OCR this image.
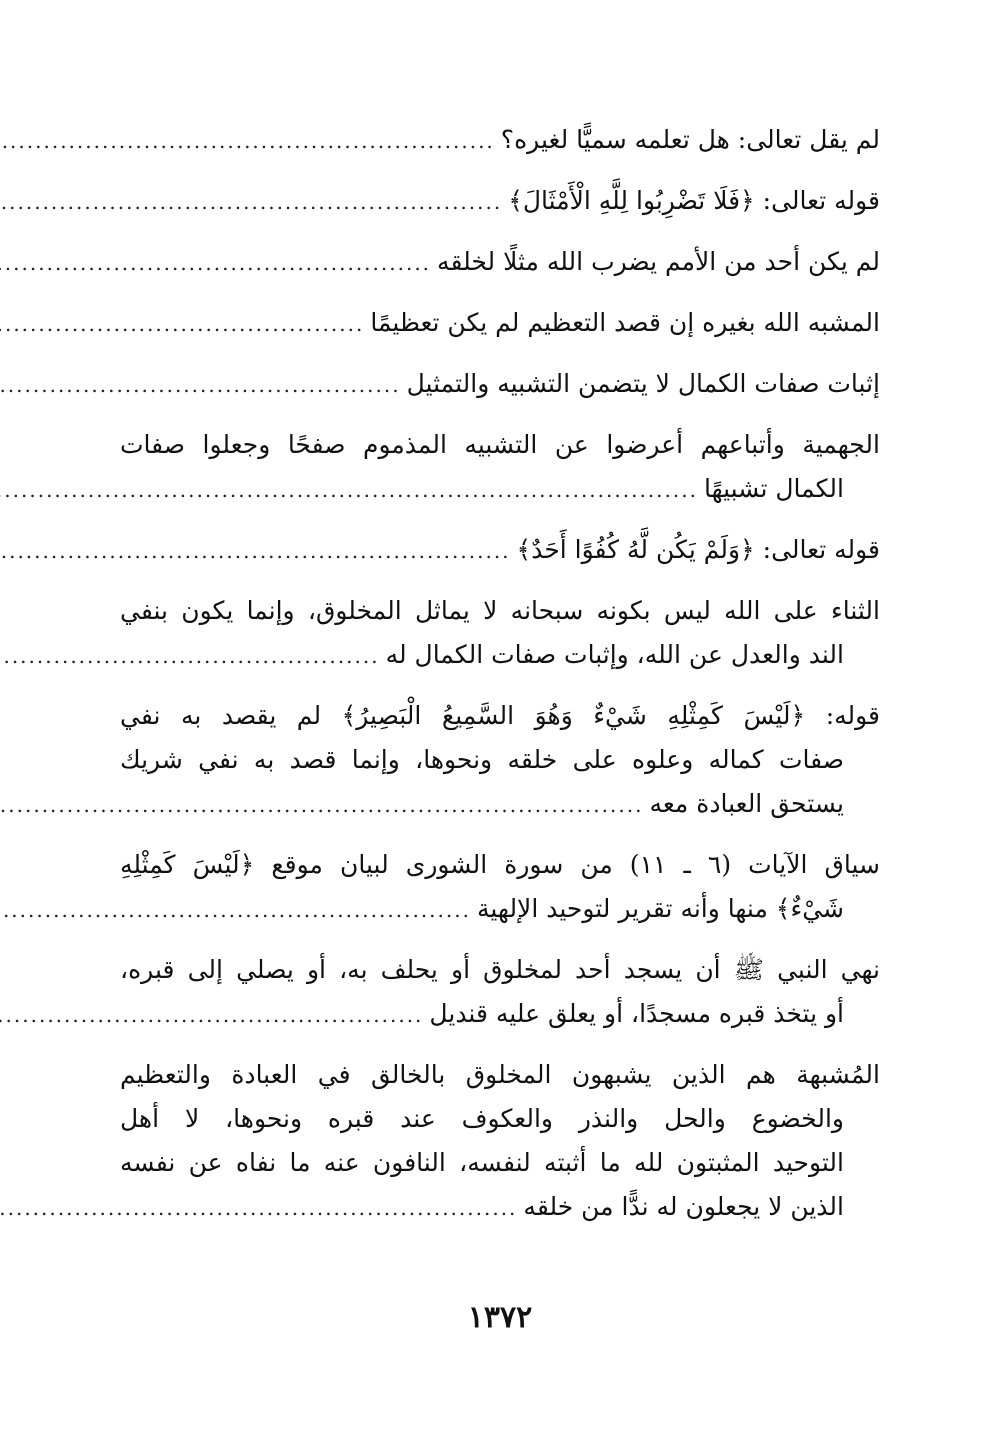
لم يقل تعالى: هل تعلمه سميًّا لغيره؟
.....
قوله تعالى: ﴿فَلَا تَضْرِبُوا لِلَّهِ الْأَمْثَالَ﴾
.....
لم يكن أحد من الأمم يضرب الله مثلًا لخلقه
.....
المشبه الله بغيره إن قصد التعظيم لم يكن تعظيمًا
.....
إثبات صفات الكمال لا يتضمن التشبيه والتمثيل
.....
الجهمية وأتباعهم أعرضوا عن التشبيه المذموم صفحًا وجعلوا صفات
الكمال تشبيهًا
.....
قوله تعالى: ﴿وَلَمْ يَكُن لَّهُ كُفُوًا أَحَدٌ﴾
.....
الثناء على الله ليس بكونه سبحانه لا يماثل المخلوق، وإنما يكون بنفي
الند والعدل عن الله، وإثبات صفات الكمال له
.....
قوله: ﴿لَيْسَ كَمِثْلِهِ شَيْءٌ وَهُوَ السَّمِيعُ الْبَصِيرُ﴾ لم يقصد به نفي
صفات كماله وعلوه على خلقه ونحوها، وإنما قصد به نفي شريك
يستحق العبادة معه
.....
سياق الآيات (٦ ـ ١١) من سورة الشورى لبيان موقع ﴿لَيْسَ كَمِثْلِهِ
شَيْءٌ﴾ منها وأنه تقرير لتوحيد الإلهية
.....
نهي النبي ﷺ أن يسجد أحد لمخلوق أو يحلف به، أو يصلي إلى قبره،
أو يتخذ قبره مسجدًا، أو يعلق عليه قنديل
.....
المُشبهة هم الذين يشبهون المخلوق بالخالق في العبادة والتعظيم
والخضوع والحل والنذر والعكوف عند قبره ونحوها، لا أهل
التوحيد المثبتون لله ما أثبته لنفسه، النافون عنه ما نفاه عن نفسه
الذين لا يجعلون له ندًّا من خلقه
.....
١٣٧٢
